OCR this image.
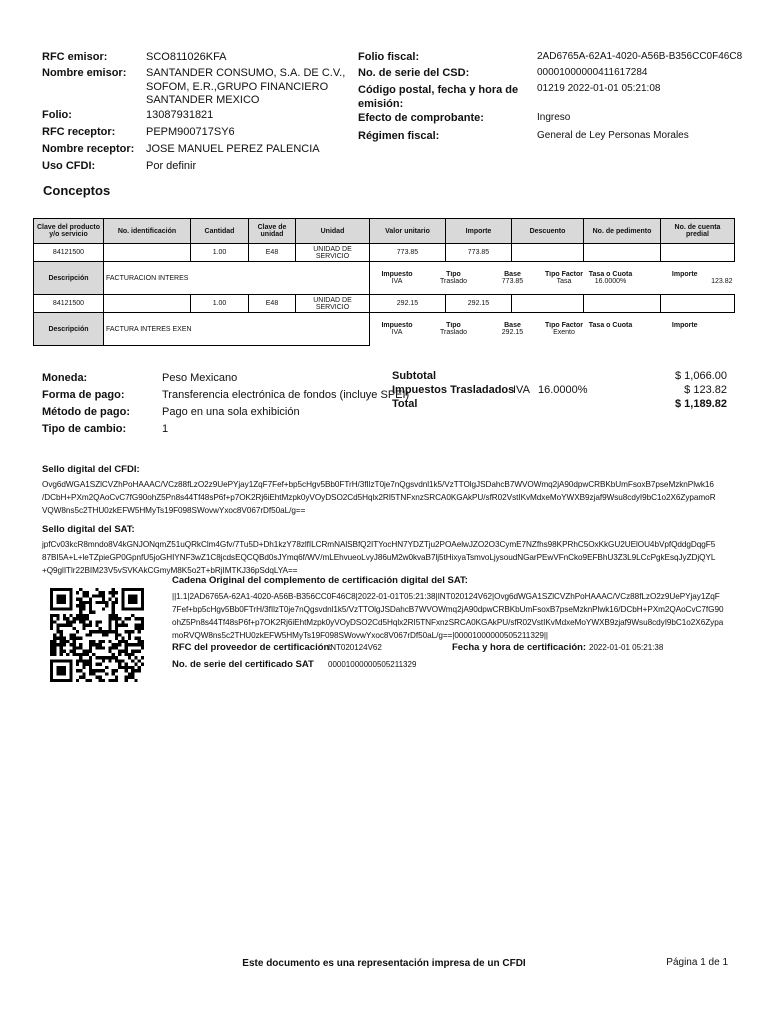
RFC emisor:	SCO811026KFA
Nombre emisor: SANTANDER CONSUMO, S.A. DE C.V.,
SOFOM, E.R.,GRUPO FINANCIERO
SANTANDER MEXICO
Folio:	13087931821
RFC receptor:	PEPM900717SY6
Nombre receptor: JOSE MANUEL PEREZ PALENCIA
Uso CFDI:	Por definir
Folio fiscal:	2AD6765A-62A1-4020-A56B-B356CC0F46C8
No. de serie del CSD:	00001000000411617284
Código postal, fecha y hora de
emisión:
01219 2022-01-01 05:21:08
Efecto de comprobante:	Ingreso
Régimen fiscal:	General de Ley Personas Morales
Conceptos
Clave del producto y/o servicio	No. identificación	Cantidad	Clave de unidad	Unidad	Valor unitario	Importe	Descuento	No. de pedimento	No. de cuenta predial
84121500		1.00	E48	UNIDAD DE SERVICIO	773.85	773.85			
Descripción	FACTURACION INTERES		Impuesto	Tipo	Base	Tipo Factor	Tasa o Cuota	Importe
IVA	Traslado	773.85	Tasa	16.0000%	123.82

84121500		1.00	E48	UNIDAD DE SERVICIO	292.15	292.15			
Descripción	FACTURA INTERES EXEN		Impuesto	Tipo	Base	Tipo Factor	Tasa o Cuota	Importe
IVA	Traslado	292.15	Exento		
Moneda:	Peso Mexicano
Forma de pago:	Transferencia electrónica de fondos (incluye SPEI)
Método de pago:	Pago en una sola exhibición
Tipo de cambio:	1
Subtotal	$ 1,066.00
Impuestos Trasladados
IVA 16.0000%	$ 123.82
Total	$ 1,189.82
Sello digital del CFDI:
Ovg6dWGA1SZlCVZhPoHAAAC/VCz88fLzO2z9UePYjay1ZqF7Fef+bp5cHgv5Bb0FTrH/3fIlzT0je7nQgsvdnl1k5/VzTTOlgJSDahcB7WVOWmq2jA90dpwCRBKbUmFsoxB7pseMzknPlwk16
/DCbH+PXm2QAoCvC7fG90ohZ5Pn8s44Tf48sP6f+p7OK2Rj6iEhtMzpk0yVOyDSO2Cd5Hqlx2RI5TNFxnzSRCA0KGAkPU/sfR02VstIKvMdxeMoYWXB9zjaf9Wsu8cdyI9bC1o2X6ZypamoR
VQW8ns5c2THU0zkEFW5HMyTs19F098SWovwYxoc8V067rDf50aL/g==
Sello digital del SAT:
jpfCv03kcR8mndo8V4kGNJONqmZ51uQRkClm4Gfv/7Tu5D+Dh1kzY78zlfILCRmNAlSBfQ2ITYocHN7YDZTju2POAelwJZO2O3CymE7NZfhs98KPRhC5OxKkGU2UElOU4bVpfQddgDqgF5
87BI5A+L+leTZpieGP0GpnfU5joGHIYNF3wZ1C8jcdsEQCQBd0sJYmq6f/WV/mLEhvueoLvyJ86uM2w0kvaB7lj5tHixyaTsmvoLjysoudNGarPEwVFnCko9EFBhU3Z3L9LCcPgkEsqJyZDjQYL
+Q9glITlr22BIM23V5vSVKAkCGmyM8K5o2T+bRjIMTKJ36pSdqLYA==
Cadena Original del complemento de certificación digital del SAT:
||1.1|2AD6765A-62A1-4020-A56B-B356CC0F46C8|2022-01-01T05:21:38|INT020124V62|Ovg6dWGA1SZlCVZhPoHAAAC/VCz88fLzO2z9UePYjay1ZqF
7Fef+bp5cHgv5Bb0FTrH/3fIlzT0je7nQgsvdnl1k5/VzTTOlgJSDahcB7WVOWmq2jA90dpwCRBKbUmFsoxB7pseMzknPlwk16/DCbH+PXm2QAoCvC7fG90
ohZ5Pn8s44Tf48sP6f+p7OK2Rj6iEhtMzpk0yVOyDSO2Cd5Hqlx2RI5TNFxnzSRCA0KGAkPU/sfR02VstIKvMdxeMoYWXB9zjaf9Wsu8cdyI9bC1o2X6Zypa
moRVQW8ns5c2THU0zkEFW5HMyTs19F098SWovwYxoc8V067rDf50aL/g==|00001000000505211329||
RFC del proveedor de certificación:
INT020124V62	Fecha y hora de certificación: 2022-01-01 05:21:38
No. de serie del certificado SAT 00001000000505211329
Este documento es una representación impresa de un CFDI	Página 1 de 1
